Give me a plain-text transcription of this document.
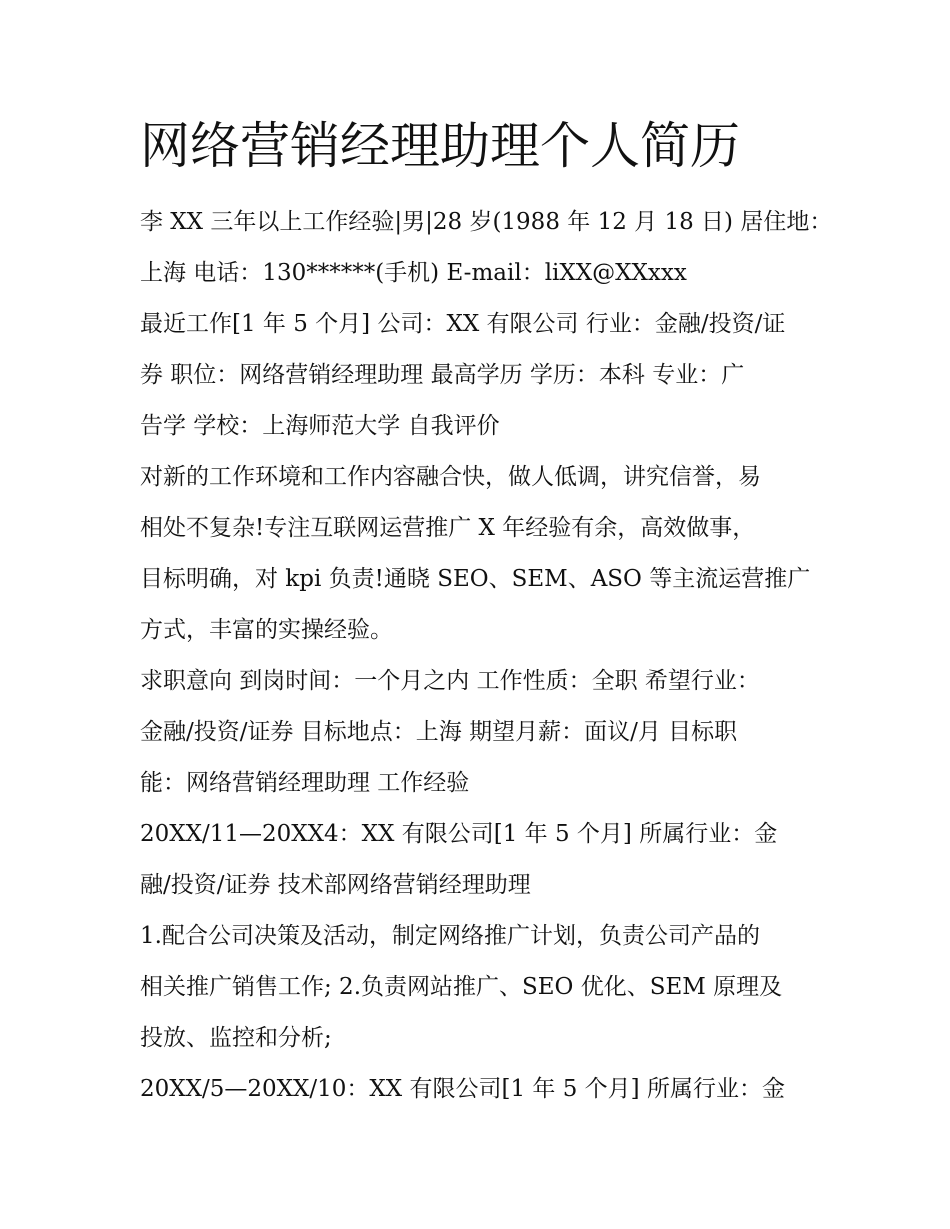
网络营销经理助理个人简历
李 XX 三年以上工作经验|男|28 岁(1988 年 12 月 18 日) 居住地：
上海 电话：130******(手机) E-mail：liXX@XXxxx
最近工作[1 年 5 个月] 公司：XX 有限公司 行业：金融/投资/证
券 职位：网络营销经理助理 最高学历 学历：本科 专业：广
告学 学校：上海师范大学 自我评价
对新的工作环境和工作内容融合快，做人低调，讲究信誉，易
相处不复杂!专注互联网运营推广 X 年经验有余，高效做事，
目标明确，对 kpi 负责!通晓 SEO、SEM、ASO 等主流运营推广
方式，丰富的实操经验。
求职意向 到岗时间：一个月之内 工作性质：全职 希望行业：
金融/投资/证券 目标地点：上海 期望月薪：面议/月 目标职
能：网络营销经理助理 工作经验
20XX/11—20XX4：XX 有限公司[1 年 5 个月] 所属行业：金
融/投资/证券 技术部网络营销经理助理
1.配合公司决策及活动，制定网络推广计划，负责公司产品的
相关推广销售工作; 2.负责网站推广、SEO 优化、SEM 原理及
投放、监控和分析;
20XX/5—20XX/10：XX 有限公司[1 年 5 个月] 所属行业：金
